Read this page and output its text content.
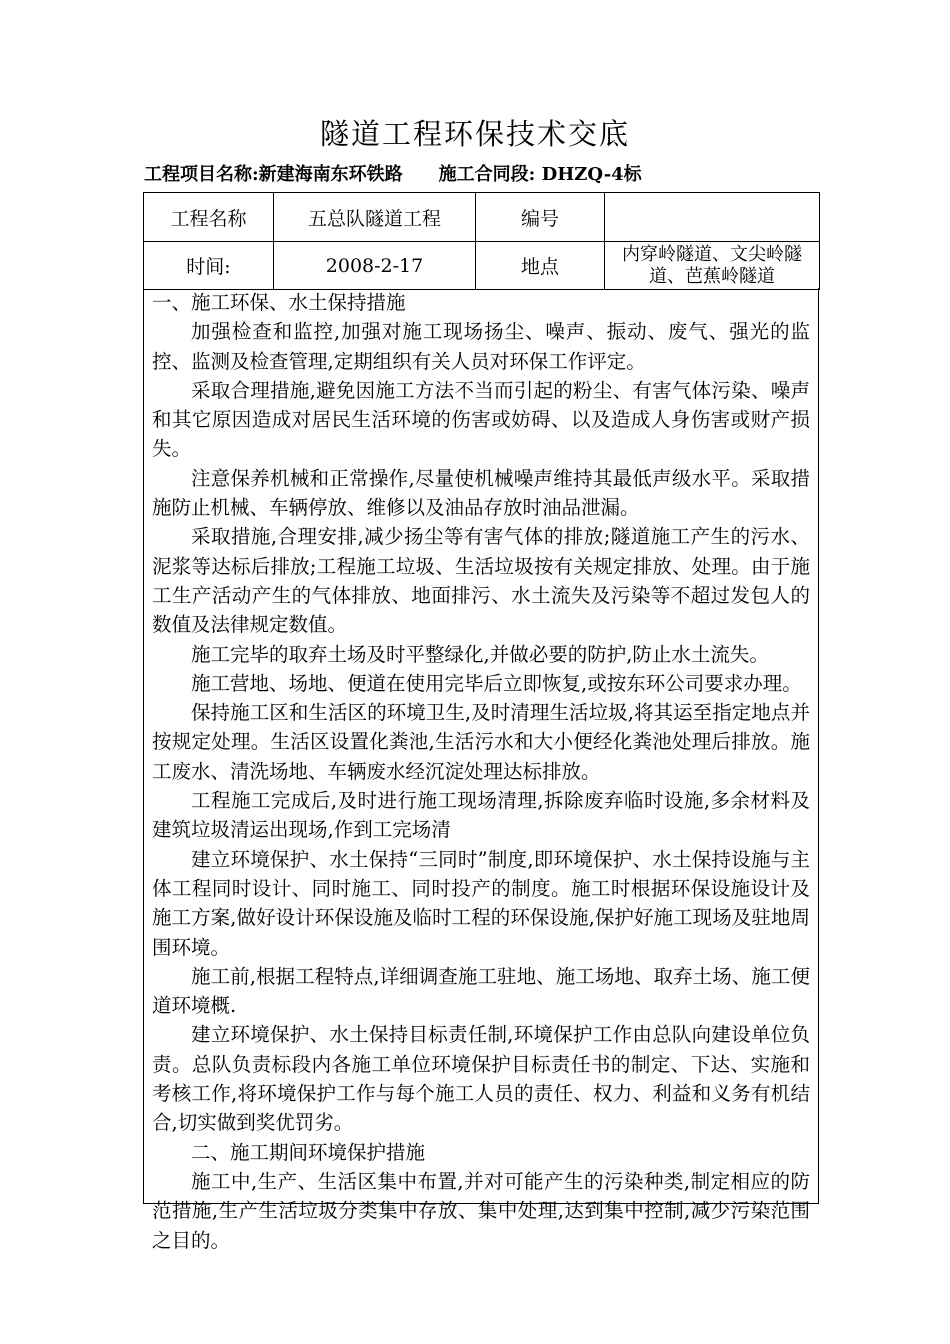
隧道工程环保技术交底
工程项目名称:新建海南东环铁路 施工合同段: DHZQ-4标
工程名称	五总队隧道工程	编号	
时间:	2008-2-17	地点	内穿岭隧道、文尖岭隧
道、芭蕉岭隧道

一、施工环保、水土保持措施

加强检查和监控,加强对施工现场扬尘、噪声、振动、废气、强光的监控、监测及检查管理,定期组织有关人员对环保工作评定。

采取合理措施,避免因施工方法不当而引起的粉尘、有害气体污染、噪声和其它原因造成对居民生活环境的伤害或妨碍、以及造成人身伤害或财产损失。

注意保养机械和正常操作,尽量使机械噪声维持其最低声级水平。采取措施防止机械、车辆停放、维修以及油品存放时油品泄漏。

采取措施,合理安排,减少扬尘等有害气体的排放;隧道施工产生的污水、泥浆等达标后排放;工程施工垃圾、生活垃圾按有关规定排放、处理。由于施工生产活动产生的气体排放、地面排污、水土流失及污染等不超过发包人的数值及法律规定数值。

施工完毕的取弃土场及时平整绿化,并做必要的防护,防止水土流失。

施工营地、场地、便道在使用完毕后立即恢复,或按东环公司要求办理。

保持施工区和生活区的环境卫生,及时清理生活垃圾,将其运至指定地点并按规定处理。生活区设置化粪池,生活污水和大小便经化粪池处理后排放。施工废水、清洗场地、车辆废水经沉淀处理达标排放。

工程施工完成后,及时进行施工现场清理,拆除废弃临时设施,多余材料及建筑垃圾清运出现场,作到工完场清

建立环境保护、水土保持“三同时”制度,即环境保护、水土保持设施与主体工程同时设计、同时施工、同时投产的制度。施工时根据环保设施设计及施工方案,做好设计环保设施及临时工程的环保设施,保护好施工现场及驻地周围环境。

施工前,根据工程特点,详细调查施工驻地、施工场地、取弃土场、施工便道环境概.

建立环境保护、水土保持目标责任制,环境保护工作由总队向建设单位负责。总队负责标段内各施工单位环境保护目标责任书的制定、下达、实施和考核工作,将环境保护工作与每个施工人员的责任、权力、利益和义务有机结合,切实做到奖优罚劣。

二、施工期间环境保护措施

施工中,生产、生活区集中布置,并对可能产生的污染种类,制定相应的防范措施,生产生活垃圾分类集中存放、集中处理,达到集中控制,减少污染范围之目的。
